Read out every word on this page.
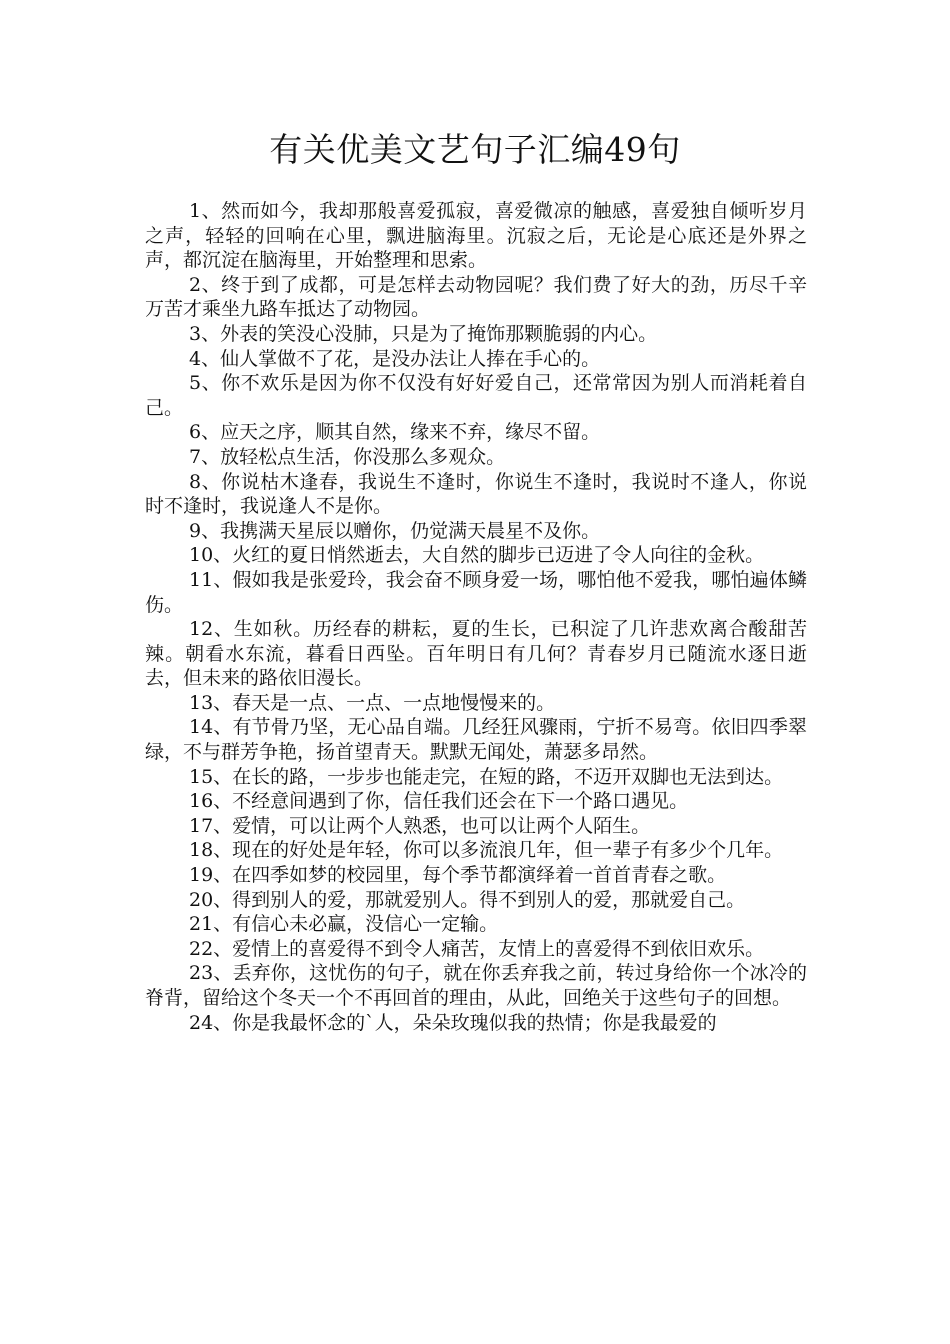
有关优美文艺句子汇编49句

1、然而如今，我却那般喜爱孤寂，喜爱微凉的触感，喜爱独自倾听岁月之声，轻轻的回响在心里，飘进脑海里。沉寂之后，无论是心底还是外界之声，都沉淀在脑海里，开始整理和思索。

2、终于到了成都，可是怎样去动物园呢？我们费了好大的劲，历尽千辛万苦才乘坐九路车抵达了动物园。

3、外表的笑没心没肺，只是为了掩饰那颗脆弱的内心。

4、仙人掌做不了花，是没办法让人捧在手心的。

5、你不欢乐是因为你不仅没有好好爱自己，还常常因为别人而消耗着自己。

6、应天之序，顺其自然，缘来不弃，缘尽不留。

7、放轻松点生活，你没那么多观众。

8、你说枯木逢春，我说生不逢时，你说生不逢时，我说时不逢人，你说时不逢时，我说逢人不是你。

9、我携满天星辰以赠你，仍觉满天晨星不及你。

10、火红的夏日悄然逝去，大自然的脚步已迈进了令人向往的金秋。

11、假如我是张爱玲，我会奋不顾身爱一场，哪怕他不爱我，哪怕遍体鳞伤。

12、生如秋。历经春的耕耘，夏的生长，已积淀了几许悲欢离合酸甜苦辣。朝看水东流，暮看日西坠。百年明日有几何？青春岁月已随流水逐日逝去，但未来的路依旧漫长。

13、春天是一点、一点、一点地慢慢来的。

14、有节骨乃坚，无心品自端。几经狂风骤雨，宁折不易弯。依旧四季翠绿，不与群芳争艳，扬首望青天。默默无闻处，萧瑟多昂然。

15、在长的路，一步步也能走完，在短的路，不迈开双脚也无法到达。

16、不经意间遇到了你，信任我们还会在下一个路口遇见。

17、爱情，可以让两个人熟悉，也可以让两个人陌生。

18、现在的好处是年轻，你可以多流浪几年，但一辈子有多少个几年。

19、在四季如梦的校园里，每个季节都演绎着一首首青春之歌。

20、得到别人的爱，那就爱别人。得不到别人的爱，那就爱自己。

21、有信心未必赢，没信心一定输。

22、爱情上的喜爱得不到令人痛苦，友情上的喜爱得不到依旧欢乐。

23、丢弃你，这忧伤的句子，就在你丢弃我之前，转过身给你一个冰冷的脊背，留给这个冬天一个不再回首的理由，从此，回绝关于这些句子的回想。

24、你是我最怀念的`人，朵朵玫瑰似我的热情；你是我最爱的
